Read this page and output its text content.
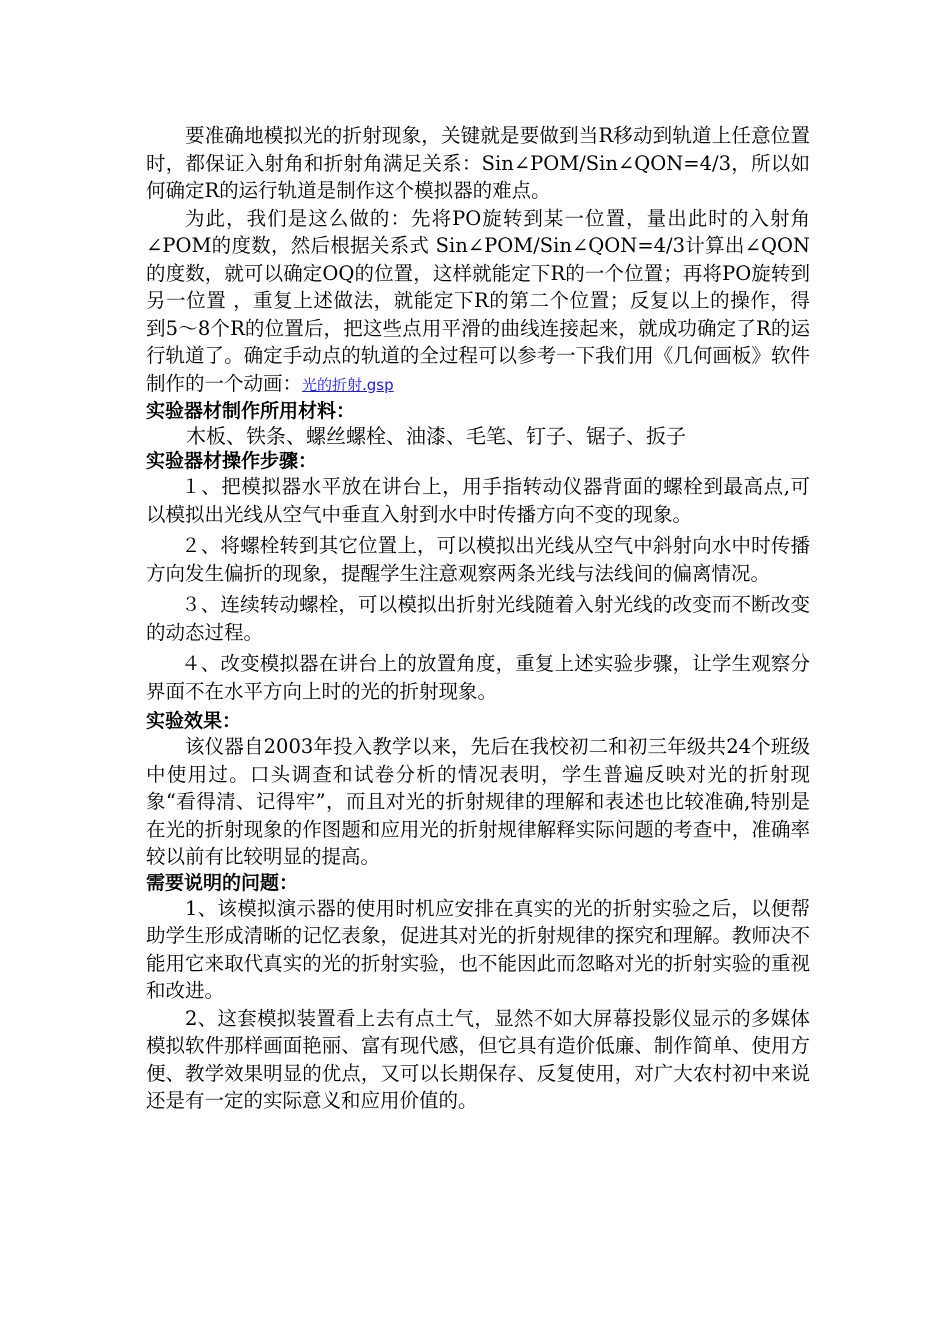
要准确地模拟光的折射现象，关键就是要做到当R移动到轨道上任意位置时，都保证入射角和折射角满足关系：Sin∠POM/Sin∠QON=4/3，所以如何确定R的运行轨道是制作这个模拟器的难点。

为此，我们是这么做的：先将PO旋转到某一位置，量出此时的入射角∠POM的度数，然后根据关系式 Sin∠POM/Sin∠QON=4/3计算出∠QON的度数，就可以确定OQ的位置，这样就能定下R的一个位置；再将PO旋转到另一位置 ，重复上述做法，就能定下R的第二个位置；反复以上的操作，得到5～8个R的位置后，把这些点用平滑的曲线连接起来，就成功确定了R的运行轨道了。确定手动点的轨道的全过程可以参考一下我们用《几何画板》软件制作的一个动画：光的折射.gsp

实验器材制作所用材料：

木板、铁条、螺丝螺栓、油漆、毛笔、钉子、锯子、扳子

实验器材操作步骤：

１、把模拟器水平放在讲台上，用手指转动仪器背面的螺栓到最高点,可以模拟出光线从空气中垂直入射到水中时传播方向不变的现象。

２、将螺栓转到其它位置上，可以模拟出光线从空气中斜射向水中时传播方向发生偏折的现象，提醒学生注意观察两条光线与法线间的偏离情况。

３、连续转动螺栓，可以模拟出折射光线随着入射光线的改变而不断改变的动态过程。

４、改变模拟器在讲台上的放置角度，重复上述实验步骤，让学生观察分界面不在水平方向上时的光的折射现象。

实验效果：

该仪器自2003年投入教学以来，先后在我校初二和初三年级共24个班级中使用过。口头调查和试卷分析的情况表明，学生普遍反映对光的折射现象“看得清、记得牢”，而且对光的折射规律的理解和表述也比较准确,特别是在光的折射现象的作图题和应用光的折射规律解释实际问题的考查中，准确率较以前有比较明显的提高。

需要说明的问题：

1、该模拟演示器的使用时机应安排在真实的光的折射实验之后，以便帮助学生形成清晰的记忆表象，促进其对光的折射规律的探究和理解。教师决不能用它来取代真实的光的折射实验，也不能因此而忽略对光的折射实验的重视和改进。

2、这套模拟装置看上去有点土气，显然不如大屏幕投影仪显示的多媒体模拟软件那样画面艳丽、富有现代感，但它具有造价低廉、制作简单、使用方便、教学效果明显的优点，又可以长期保存、反复使用，对广大农村初中来说还是有一定的实际意义和应用价值的。
